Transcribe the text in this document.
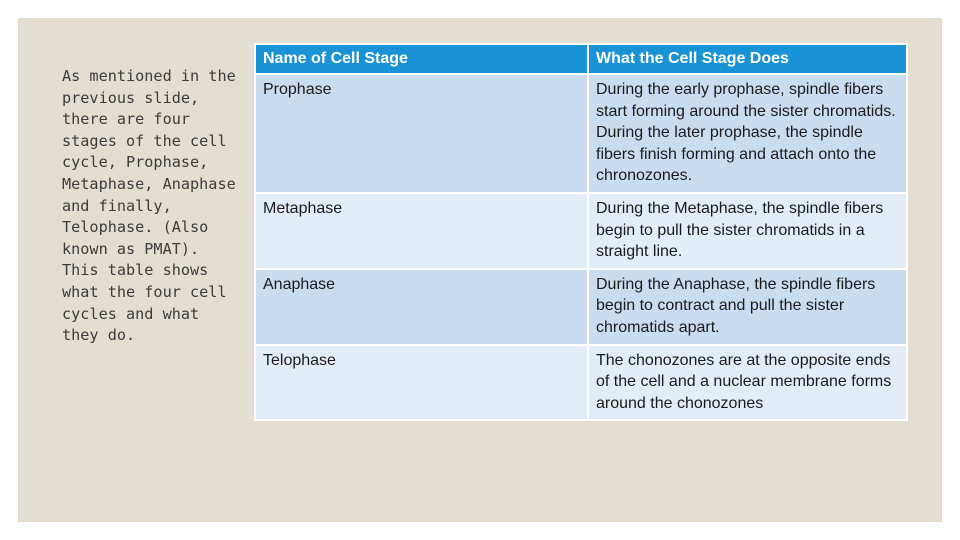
As mentioned in the previous slide, there are four stages of the cell cycle, Prophase, Metaphase, Anaphase and finally, Telophase. (Also known as PMAT). This table shows what the four cell cycles and what they do.

Name of Cell Stage	What the Cell Stage Does
Prophase	During the early prophase, spindle fibers start forming around the sister chromatids. During the later prophase, the spindle fibers finish forming and attach onto the chronozones.
Metaphase	During the Metaphase, the spindle fibers begin to pull the sister chromatids in a straight line.
Anaphase	During the Anaphase, the spindle fibers begin to contract and pull the sister chromatids apart.
Telophase	The chonozones are at the opposite ends of the cell and a nuclear membrane forms around the chonozones
